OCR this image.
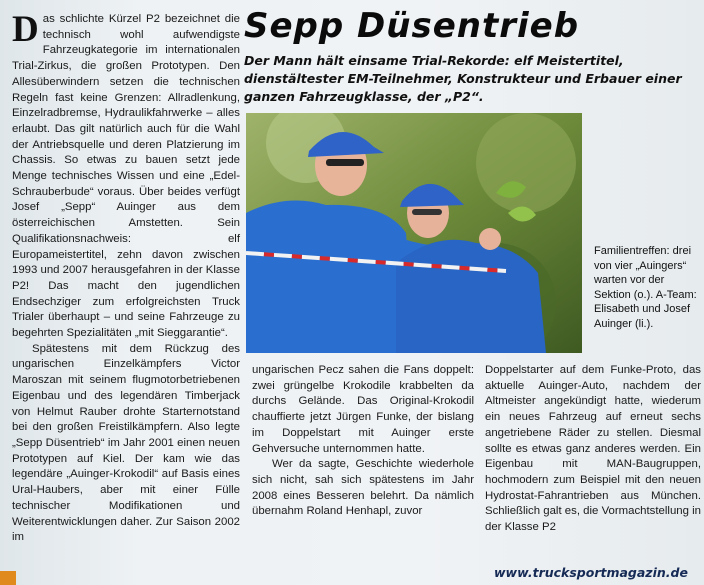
Das schlichte Kürzel P2 bezeichnet die technisch wohl aufwendigste Fahrzeugkategorie im internationalen Trial-Zirkus, die großen Prototypen. Den Allesüberwindern setzen die technischen Regeln fast keine Grenzen: Allradlenkung, Einzelradbremse, Hydraulikfahrwerke – alles erlaubt. Das gilt natürlich auch für die Wahl der Antriebsquelle und deren Platzierung im Chassis. So etwas zu bauen setzt jede Menge technisches Wissen und eine „Edel-Schrauberbude“ voraus. Über beides verfügt Josef „Sepp“ Auinger aus dem österreichischen Amstetten. Sein Qualifikationsnachweis: elf Europameistertitel, zehn davon zwischen 1993 und 2007 herausgefahren in der Klasse P2! Das macht den jugendlichen Endsechziger zum erfolgreichsten Truck Trialer überhaupt – und seine Fahrzeuge zu begehrten Spezialitäten „mit Sieggarantie“.

Spätestens mit dem Rückzug des ungarischen Einzelkämpfers Victor Maroszan mit seinem flugmotorbetriebenen Eigenbau und des legendären Timberjack von Helmut Rauber drohte Starternotstand bei den großen Freistilkämpfern. Also legte „Sepp Düsentrieb“ im Jahr 2001 einen neuen Prototypen auf Kiel. Der kam wie das legendäre „Auinger-Krokodil“ auf Basis eines Ural-Haubers, aber mit einer Fülle technischer Modifikationen und Weiterentwicklungen daher. Zur Saison 2002 im

Sepp Düsentrieb
Der Mann hält einsame Trial-Rekorde: elf Meistertitel, dienstältester EM-Teilnehmer, Konstrukteur und Erbauer einer ganzen Fahrzeugklasse, der „P2“.
Familientreffen: drei von vier „Auingers“ warten vor der Sektion (o.). A-Team: Elisabeth und Josef Auinger (li.).

ungarischen Pecz sahen die Fans doppelt: zwei grüngelbe Krokodile krabbelten da durchs Gelände. Das Original-Krokodil chauffierte jetzt Jürgen Funke, der bislang im Doppelstart mit Auinger erste Gehversuche unternommen hatte.

Wer da sagte, Geschichte wiederhole sich nicht, sah sich spätestens im Jahr 2008 eines Besseren belehrt. Da nämlich übernahm Roland Henhapl, zuvor

Doppelstarter auf dem Funke-Proto, das aktuelle Auinger-Auto, nachdem der Altmeister angekündigt hatte, wiederum ein neues Fahrzeug auf erneut sechs angetriebene Räder zu stellen. Diesmal sollte es etwas ganz anderes werden. Ein Eigenbau mit MAN-Baugruppen, hochmodern zum Beispiel mit den neuen Hydrostat-Fahrantrieben aus München. Schließlich galt es, die Vormachtstellung in der Klasse P2

www.trucksportmagazin.de
